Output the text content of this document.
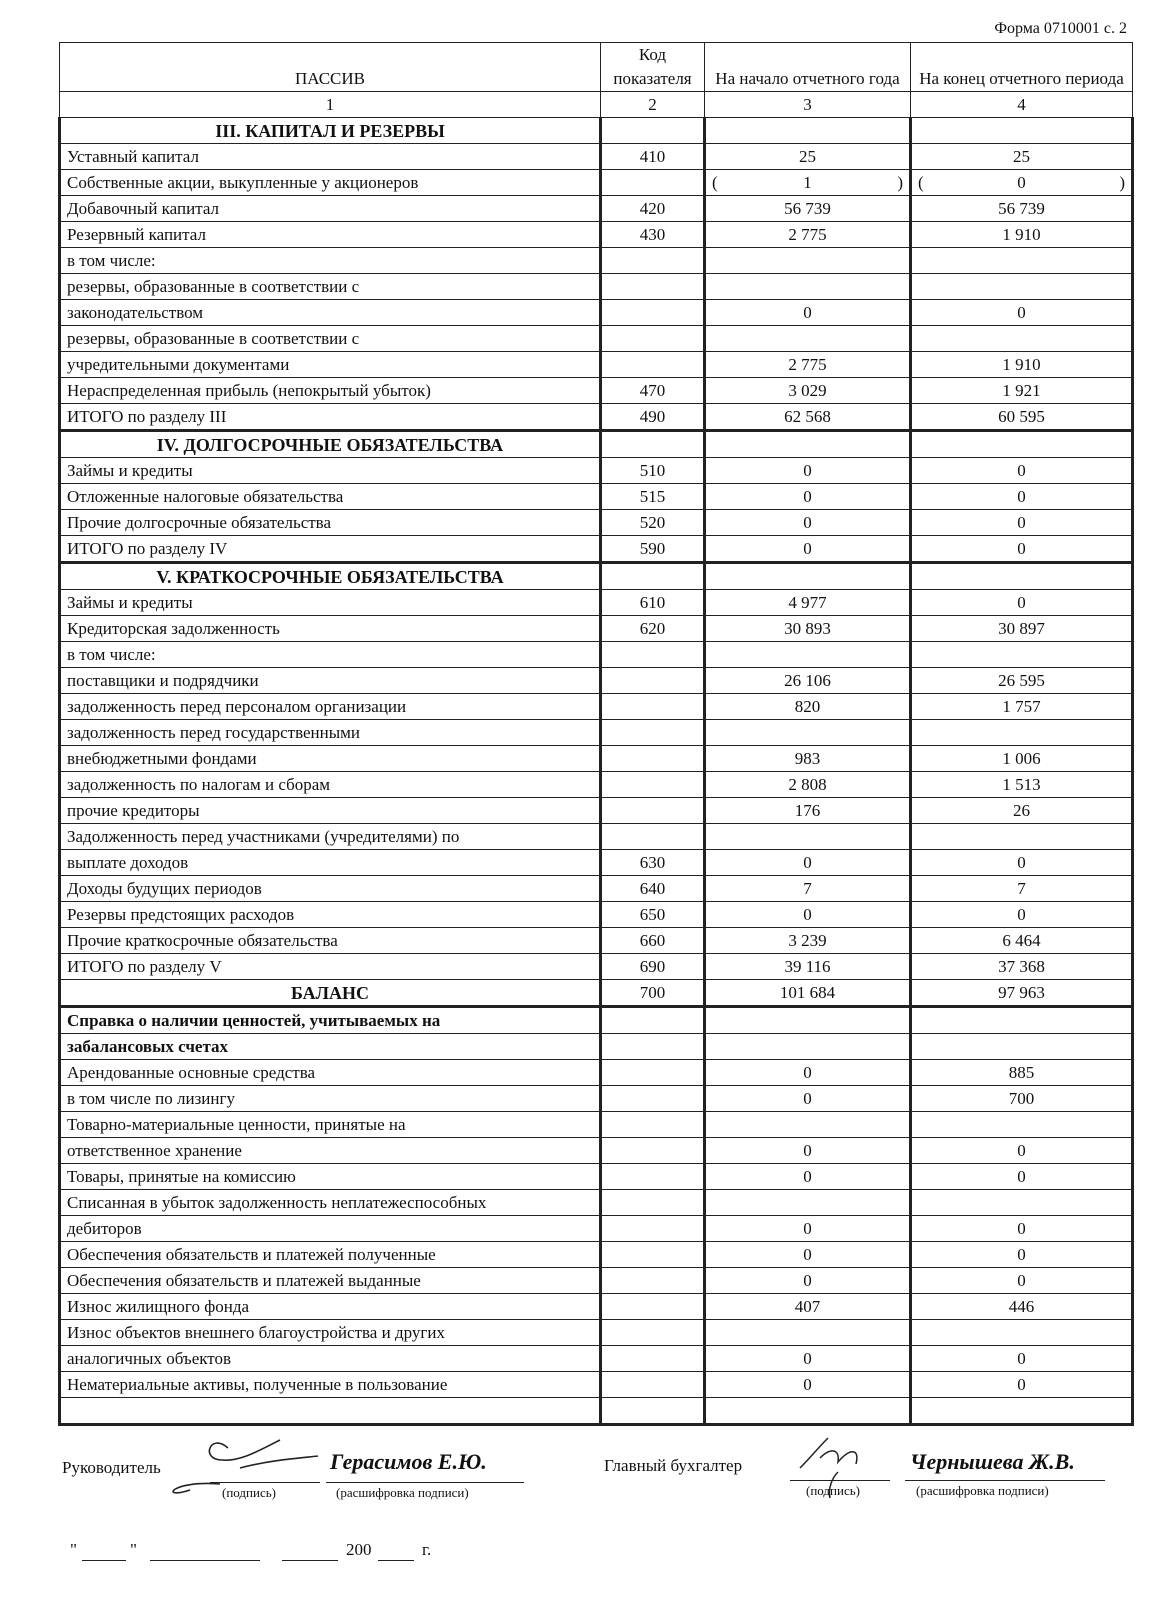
Форма 0710001 с. 2
ПАССИВ	Код показателя	На начало отчетного года	На конец отчетного периода
1	2	3	4
III. КАПИТАЛ И РЕЗЕРВЫ			
Уставный капитал	410	25	25
Собственные акции, выкупленные у акционеров		( 1 )	( 0 )

Добавочный капитал	420	56 739	56 739
Резервный капитал	430	2 775	1 910
в том числе:			
резервы, образованные в соответствии с			
законодательством		0	0
резервы, образованные в соответствии с			
учредительными документами		2 775	1 910
Нераспределенная прибыль (непокрытый убыток)	470	3 029	1 921
ИТОГО по разделу III	490	62 568	60 595
IV. ДОЛГОСРОЧНЫЕ ОБЯЗАТЕЛЬСТВА			
Займы и кредиты	510	0	0
Отложенные налоговые обязательства	515	0	0
Прочие долгосрочные обязательства	520	0	0
ИТОГО по разделу IV	590	0	0
V. КРАТКОСРОЧНЫЕ ОБЯЗАТЕЛЬСТВА			
Займы и кредиты	610	4 977	0
Кредиторская задолженность	620	30 893	30 897
в том числе:			
поставщики и подрядчики		26 106	26 595
задолженность перед персоналом организации		820	1 757
задолженность перед государственными			
внебюджетными фондами		983	1 006
задолженность по налогам и сборам		2 808	1 513
прочие кредиторы		176	26
Задолженность перед участниками (учредителями) по			
выплате доходов	630	0	0
Доходы будущих периодов	640	7	7
Резервы предстоящих расходов	650	0	0
Прочие краткосрочные обязательства	660	3 239	6 464
ИТОГО по разделу V	690	39 116	37 368
БАЛАНС	700	101 684	97 963
Справка о наличии ценностей, учитываемых на			
забалансовых счетах			
Арендованные основные средства		0	885
в том числе по лизингу		0	700
Товарно-материальные ценности, принятые на			
ответственное хранение		0	0
Товары, принятые на комиссию		0	0
Списанная в убыток задолженность неплатежеспособных			
дебиторов		0	0
Обеспечения обязательств и платежей полученные		0	0
Обеспечения обязательств и платежей выданные		0	0
Износ жилищного фонда		407	446
Износ объектов внешнего благоустройства и других			
аналогичных объектов		0	0
Нематериальные активы, полученные в пользование		0	0

Руководитель	Герасимов Е.Ю.
(подпись)	(расшифровка подписи)
Главный бухгалтер	Чернышева Ж.В.
(подпись)	(расшифровка подписи)
"	"	200	г.
